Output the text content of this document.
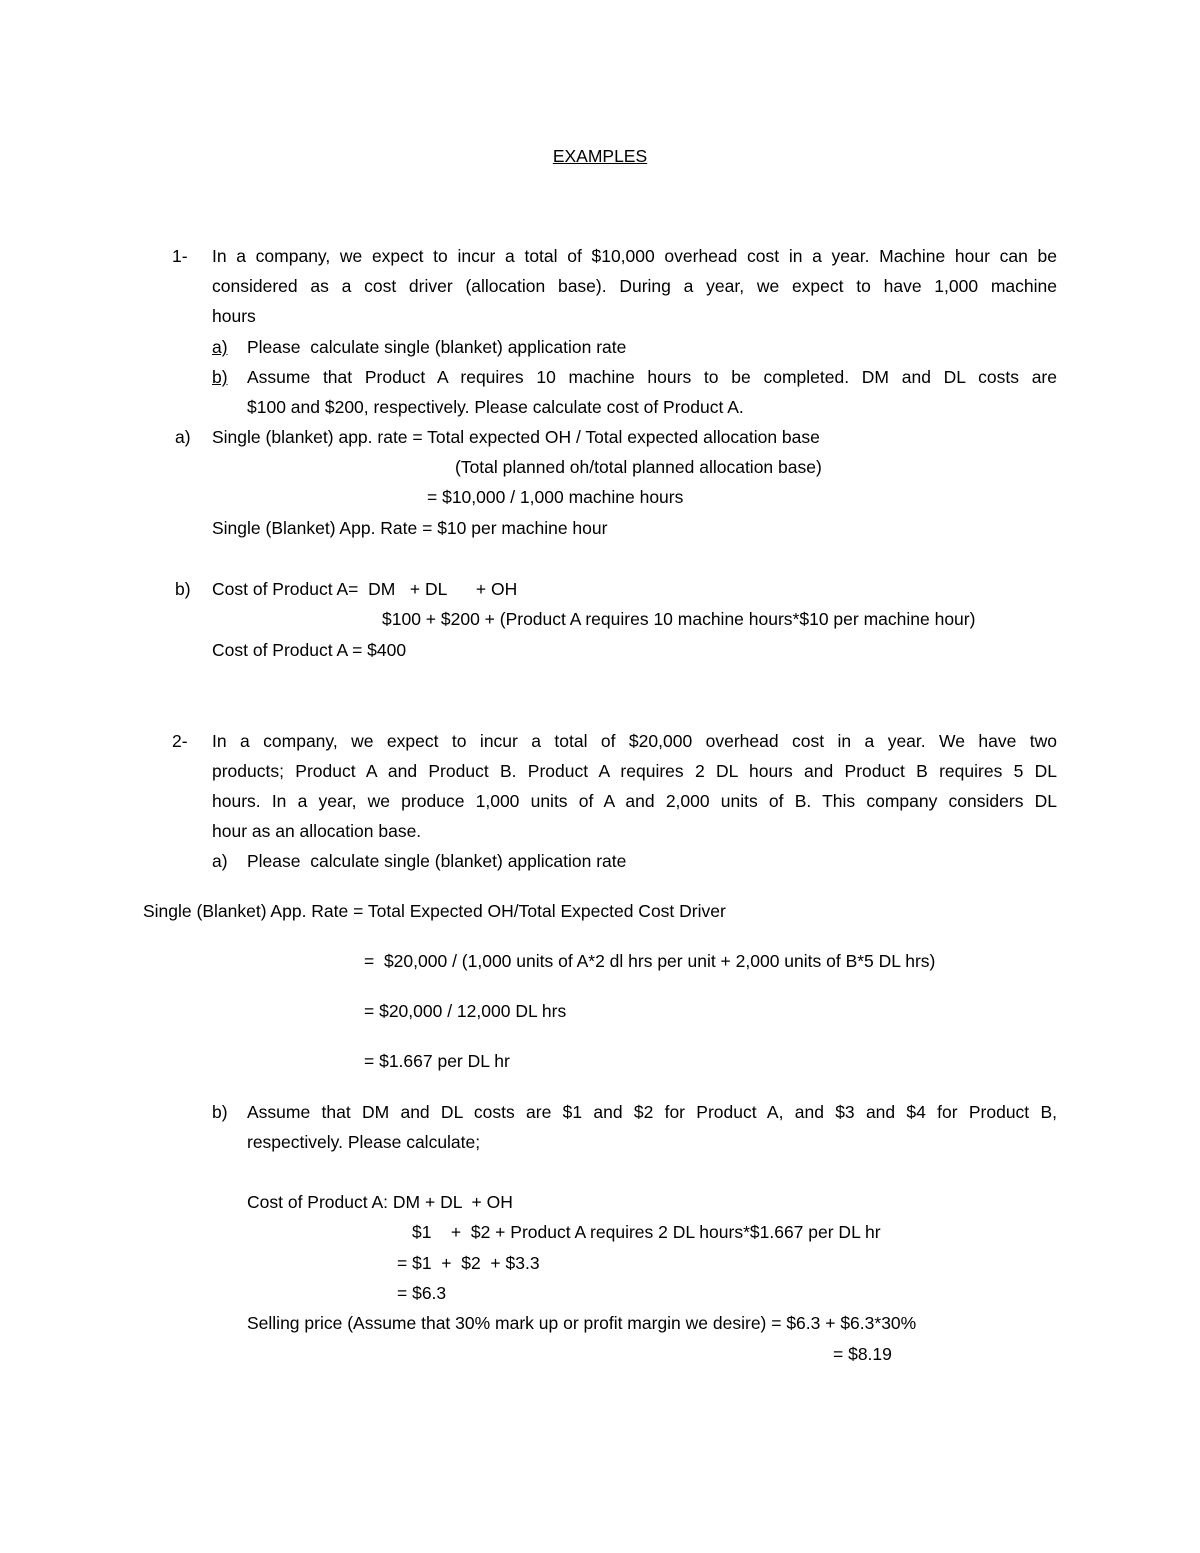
EXAMPLES
1- In a company, we expect to incur a total of $10,000 overhead cost in a year. Machine hour can be
considered as a cost driver (allocation base). During a year, we expect to have 1,000 machine
hours
a)	Please  calculate single (blanket) application rate
b)	Assume that Product A requires 10 machine hours to be completed. DM and DL costs are
$100 and $200, respectively. Please calculate cost of Product A.
a) Single (blanket) app. rate = Total expected OH / Total expected allocation base
(Total planned oh/total planned allocation base)
= $10,000 / 1,000 machine hours
Single (Blanket) App. Rate = $10 per machine hour
b) Cost of Product A=  DM   + DL      + OH
$100 + $200 + (Product A requires 10 machine hours*$10 per machine hour)
Cost of Product A = $400
2- In a company, we expect to incur a total of $20,000 overhead cost in a year. We have two
products; Product A and Product B. Product A requires 2 DL hours and Product B requires 5 DL
hours. In a year, we produce 1,000 units of A and 2,000 units of B. This company considers DL
hour as an allocation base.
a) Please  calculate single (blanket) application rate
Single (Blanket) App. Rate = Total Expected OH/Total Expected Cost Driver
=  $20,000 / (1,000 units of A*2 dl hrs per unit + 2,000 units of B*5 DL hrs)
= $20,000 / 12,000 DL hrs
= $1.667 per DL hr
b) Assume that DM and DL costs are $1 and $2 for Product A, and $3 and $4 for Product B,
respectively. Please calculate;
Cost of Product A: DM + DL  + OH
$1    +  $2 + Product A requires 2 DL hours*$1.667 per DL hr
= $1  +  $2  + $3.3
= $6.3
Selling price (Assume that 30% mark up or profit margin we desire) = $6.3 + $6.3*30%
= $8.19
